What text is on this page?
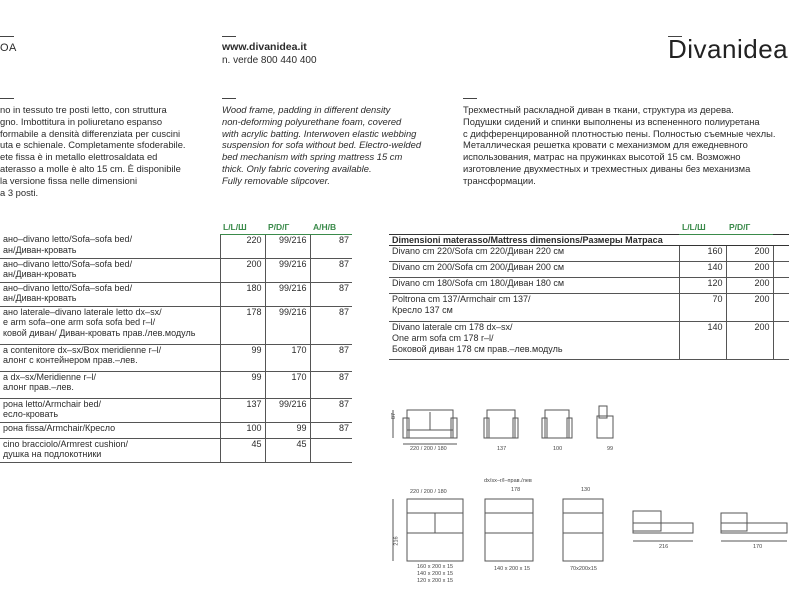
OA	www.divanidea.it
n. verde 800 440 400	Divanidea
no in tessuto tre posti letto, con struttura
gno. Imbottitura in poliuretano espanso
formabile a densità differenziata per cuscini
uta e schienale. Completamente sfoderabile.
ete fissa è in metallo elettrosaldata ed
aterasso a molle è alto 15 cm. È disponibile
la versione fissa nelle dimensioni
a 3 posti.
Wood frame, padding in different density
non-deforming polyurethane foam, covered
with acrylic batting. Interwoven elastic webbing
suspension for sofa without bed. Electro-welded
bed mechanism with spring mattress 15 cm
thick. Only fabric covering available.
Fully removable slipcover.
Трехместный раскладной диван в ткани, структура из дерева.
Подушки сидений и спинки выполнены из вспененного полиуретана
с дифференцированной плотностью пены. Полностью съемные чехлы.
Металлическая решетка кровати с механизмом для ежедневного
использования, матрас на пружинках высотой 15 см. Возможно
изготовление двухместных и трехместных диваны без механизма
трансформации.
	L/L/Ш	P/D/Г	A/H/B

ано–divano letto/Sofa–sofa bed/
ан/Диван-кровать	220	99/216	87

ано–divano letto/Sofa–sofa bed/
ан/Диван-кровать	200	99/216	87

ано–divano letto/Sofa–sofa bed/
ан/Диван-кровать	180	99/216	87

ано laterale–divano laterale letto dx–sx/
e arm sofa–one arm sofa sofa bed r–l/
ковой диван/ Диван-кровать прав./лев.модуль	178	99/216	87

а contenitore dx–sx/Box meridienne r–l/
алонг с контейнером прав.–лев.	99	170	87

а dx–sx/Meridienne r–l/
алонг прав.–лев.	99	170	87

рона letto/Armchair bed/
есло-кровать	137	99/216	87

рона fissa/Armchair/Кресло	100	99	87

cino bracciolo/Armrest cushion/
душка на подлокотники	45	45	
	L/L/Ш	P/D/Г	
Dimensioni materasso/Mattress dimensions/Размеры Матраса			

Divano cm 220/Sofa cm 220/Диван 220 см	160	200	

Divano cm 200/Sofa cm 200/Диван 200 см	140	200	

Divano cm 180/Sofa cm 180/Диван 180 см	120	200	

Poltrona cm 137/Armchair cm 137/
Кресло 137 см	70	200	

Divano laterale cm 178 dx–sx/
One arm sofa cm 178 r–l/
Боковой диван 178 см прав.–лев.модуль	140	200	
87
220 / 200 / 180	137	100	99
220 / 200 / 180
dx/sx–r/l–прав./лев
178	130
216
160 x 200 x 15
140 x 200 x 15
120 x 200 x 15
140 x 200 x 15	70x200x15
216	170
